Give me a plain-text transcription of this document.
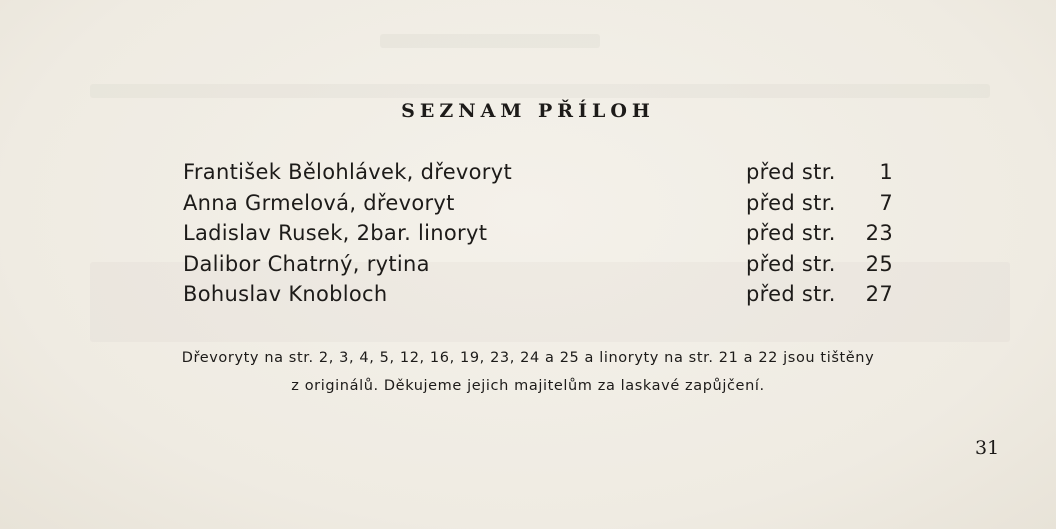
SEZNAM PŘÍLOH
František Bělohlávek, dřevoryt	před str. 1
Anna Grmelová, dřevoryt	před str. 7
Ladislav Rusek, 2bar. linoryt	před str. 23
Dalibor Chatrný, rytina	před str. 25
Bohuslav Knobloch	před str. 27
Dřevoryty na str. 2, 3, 4, 5, 12, 16, 19, 23, 24 a 25 a linoryty na str. 21 a 22 jsou tištěny
z originálů. Děkujeme jejich majitelům za laskavé zapůjčení.
31
